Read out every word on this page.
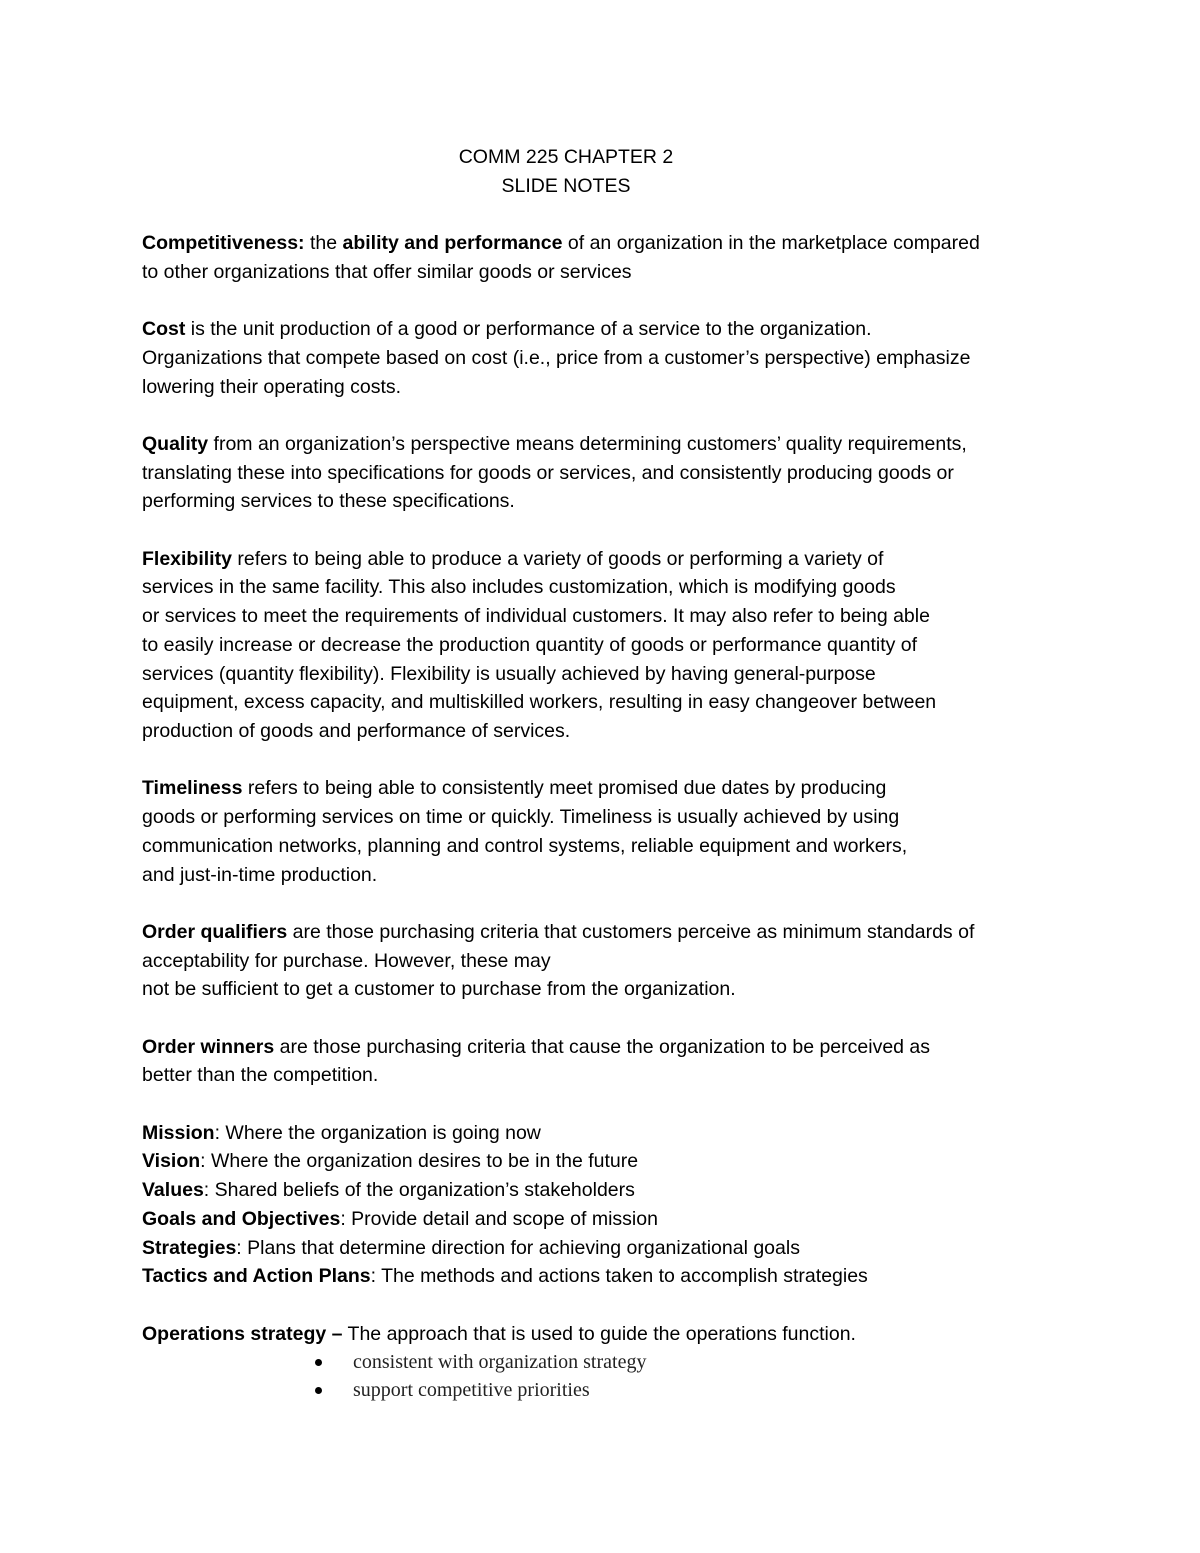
COMM 225 CHAPTER 2

SLIDE NOTES

Competitiveness: the ability and performance of an organization in the marketplace compared
to other organizations that offer similar goods or services

Cost is the unit production of a good or performance of a service to the organization.
Organizations that compete based on cost (i.e., price from a customer’s perspective) emphasize
lowering their operating costs.

Quality from an organization’s perspective means determining customers’ quality requirements,
translating these into specifications for goods or services, and consistently producing goods or
performing services to these specifications.

Flexibility refers to being able to produce a variety of goods or performing a variety of
services in the same facility. This also includes customization, which is modifying goods
or services to meet the requirements of individual customers. It may also refer to being able
to easily increase or decrease the production quantity of goods or performance quantity of
services (quantity flexibility). Flexibility is usually achieved by having general-purpose
equipment, excess capacity, and multiskilled workers, resulting in easy changeover between
production of goods and performance of services.

Timeliness refers to being able to consistently meet promised due dates by producing
goods or performing services on time or quickly. Timeliness is usually achieved by using
communication networks, planning and control systems, reliable equipment and workers,
and just-in-time production.

Order qualifiers are those purchasing criteria that customers perceive as minimum standards of
acceptability for purchase. However, these may
not be sufficient to get a customer to purchase from the organization.

Order winners are those purchasing criteria that cause the organization to be perceived as
better than the competition.

Mission: Where the organization is going now

Vision: Where the organization desires to be in the future

Values: Shared beliefs of the organization’s stakeholders

Goals and Objectives: Provide detail and scope of mission

Strategies: Plans that determine direction for achieving organizational goals

Tactics and Action Plans: The methods and actions taken to accomplish strategies

Operations strategy – The approach that is used to guide the operations function.

consistent with organization strategy
support competitive priorities
